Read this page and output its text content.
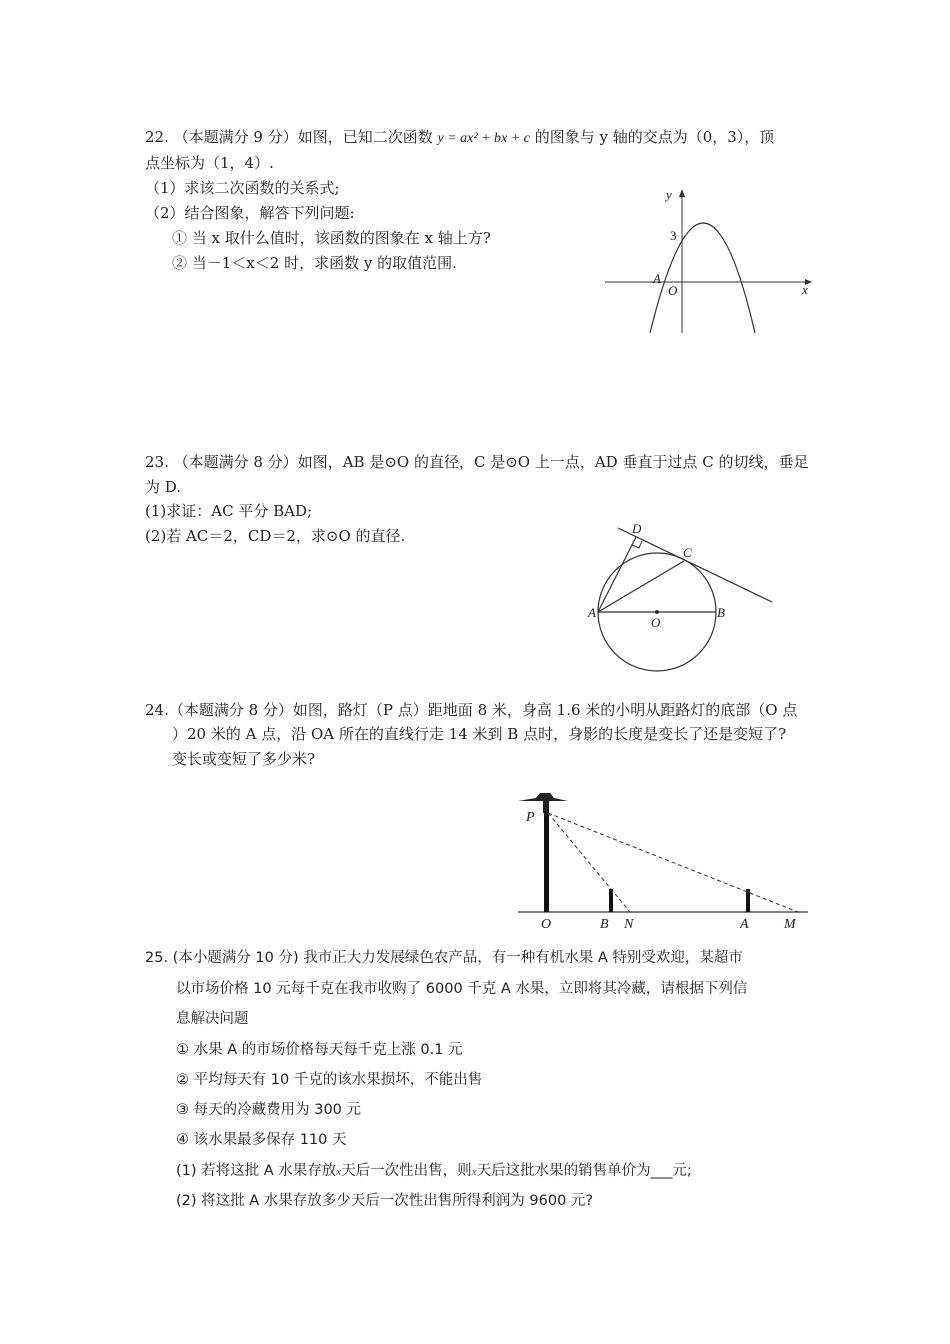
22. （本题满分 9 分）如图，已知二次函数 y = ax² + bx + c 的图象与 y 轴的交点为（0，3），顶
点坐标为（1，4）.
（1）求该二次函数的关系式;
（2）结合图象，解答下列问题:
① 当 x 取什么值时，该函数的图象在 x 轴上方?
② 当－1＜x＜2 时，求函数 y 的取值范围.
y
x
O
A
3
23. （本题满分 8 分）如图，AB 是⊙O 的直径，C 是⊙O 上一点，AD 垂直于过点 C 的切线，垂足
为 D.
(1)求证：AC 平分 BAD;
(2)若 AC＝2，CD＝2，求⊙O 的直径.	D
C
A
O
B
24.（本题满分 8 分）如图，路灯（P 点）距地面 8 米，身高 1.6 米的小明从距路灯的底部（O 点
）20 米的 A 点，沿 OA 所在的直线行走 14 米到 B 点时，身影的长度是变长了还是变短了?
变长或变短了多少米?
P
O	B N	A	M
25. (本小题满分 10 分) 我市正大力发展绿色农产品，有一种有机水果 A 特别受欢迎，某超市
以市场价格 10 元每千克在我市收购了 6000 千克 A 水果，立即将其冷藏，请根据下列信
息解决问题
① 水果 A 的市场价格每天每千克上涨 0.1 元
② 平均每天有 10 千克的该水果损坏，不能出售
③ 每天的冷藏费用为 300 元
④ 该水果最多保存 110 天
(1) 若将这批 A 水果存放x天后一次性出售，则x天后这批水果的销售单价为___元;
(2) 将这批 A 水果存放多少天后一次性出售所得利润为 9600 元?
